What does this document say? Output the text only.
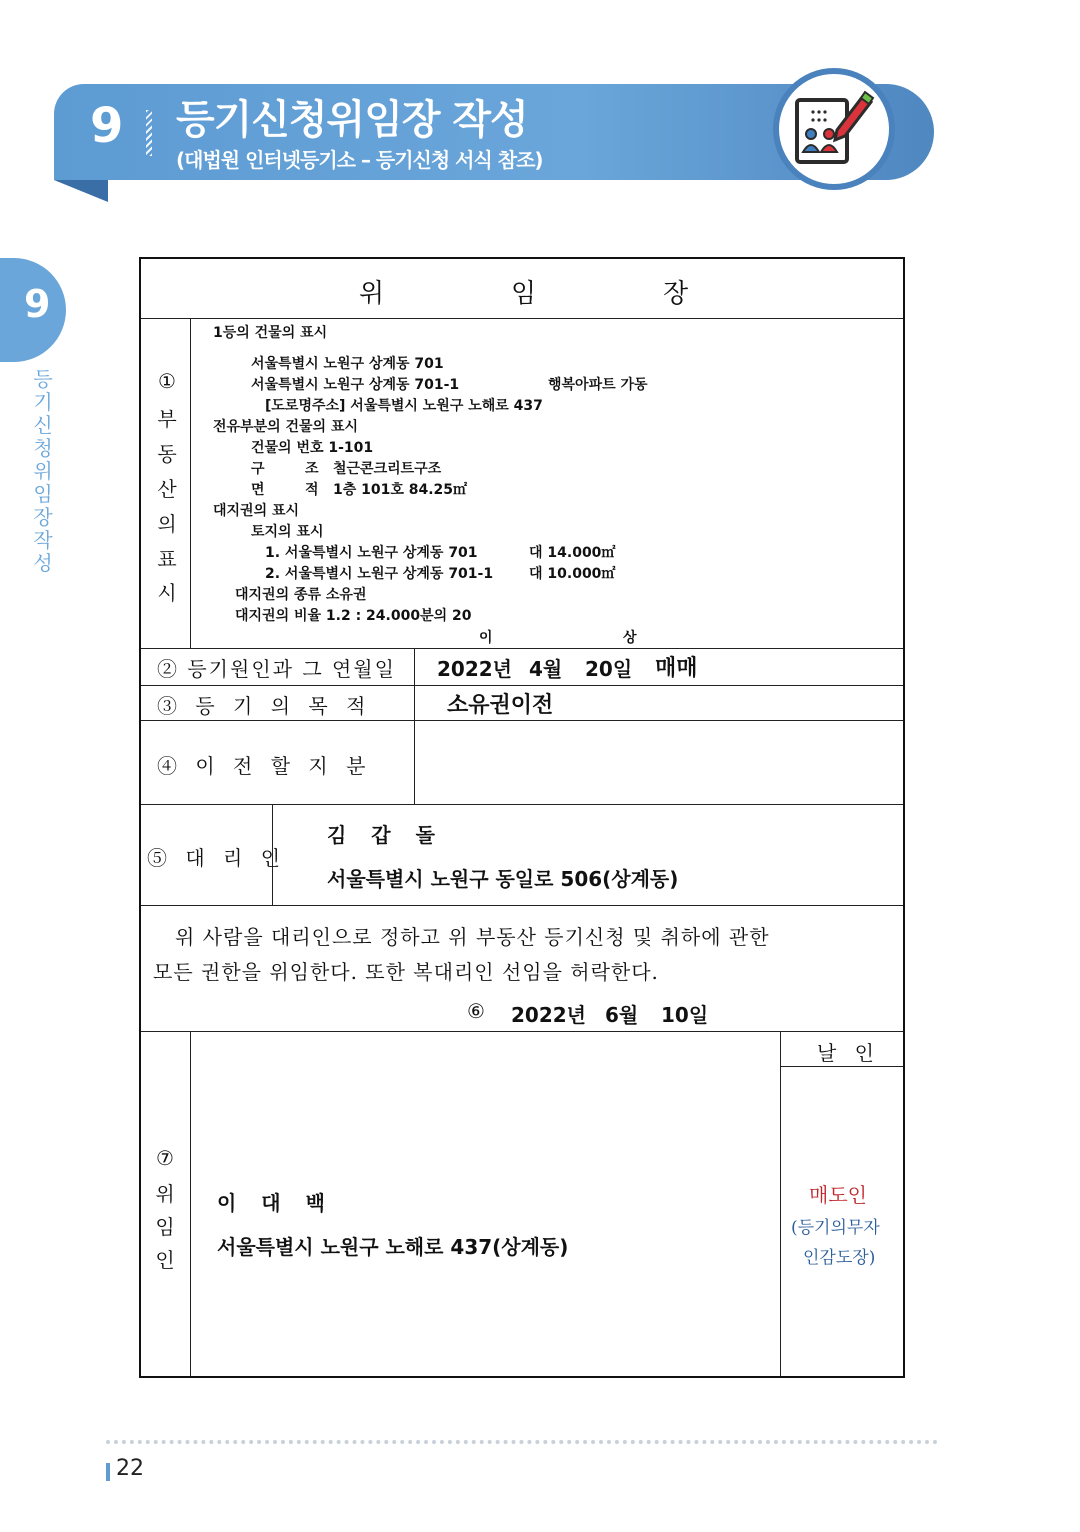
9 등기신청위임장 작성
(대법원 인터넷등기소 – 등기신청 서식 참조)
9
등기신청위임장 작성
위	임	장
①
부
동
산
의
표
시
1등의 건물의 표시
서울특별시 노원구 상계동 701
서울특별시 노원구 상계동 701-1	행복아파트 가동
[도로명주소] 서울특별시 노원구 노해로 437
전유부분의 건물의 표시
건물의 번호 1-101
구	조 철근콘크리트구조
면	적 1층 101호 84.25㎡
대지권의 표시
토지의 표시
1. 서울특별시 노원구 상계동 701	대 14.000㎡
2. 서울특별시 노원구 상계동 701-1	대 10.000㎡
대지권의 종류 소유권
대지권의 비율 1.2 : 24.000분의 20
이	상
② 등기원인과 그 연월일 2022년 4월 20일 매매
③ 등 기 의 목 적	소유권이전
④ 이 전 할 지 분
⑤ 대 리 인
김 갑 돌
서울특별시 노원구 동일로 506(상계동)
위 사람을 대리인으로 정하고 위 부동산 등기신청 및 취하에 관한
모든 권한을 위임한다. 또한 복대리인 선임을 허락한다.
⑥ 2022년 6월 10일
⑦
위
임
인
이 대 백
서울특별시 노원구 노해로 437(상계동)
날 인
매도인
(등기의무자
인감도장)
22
